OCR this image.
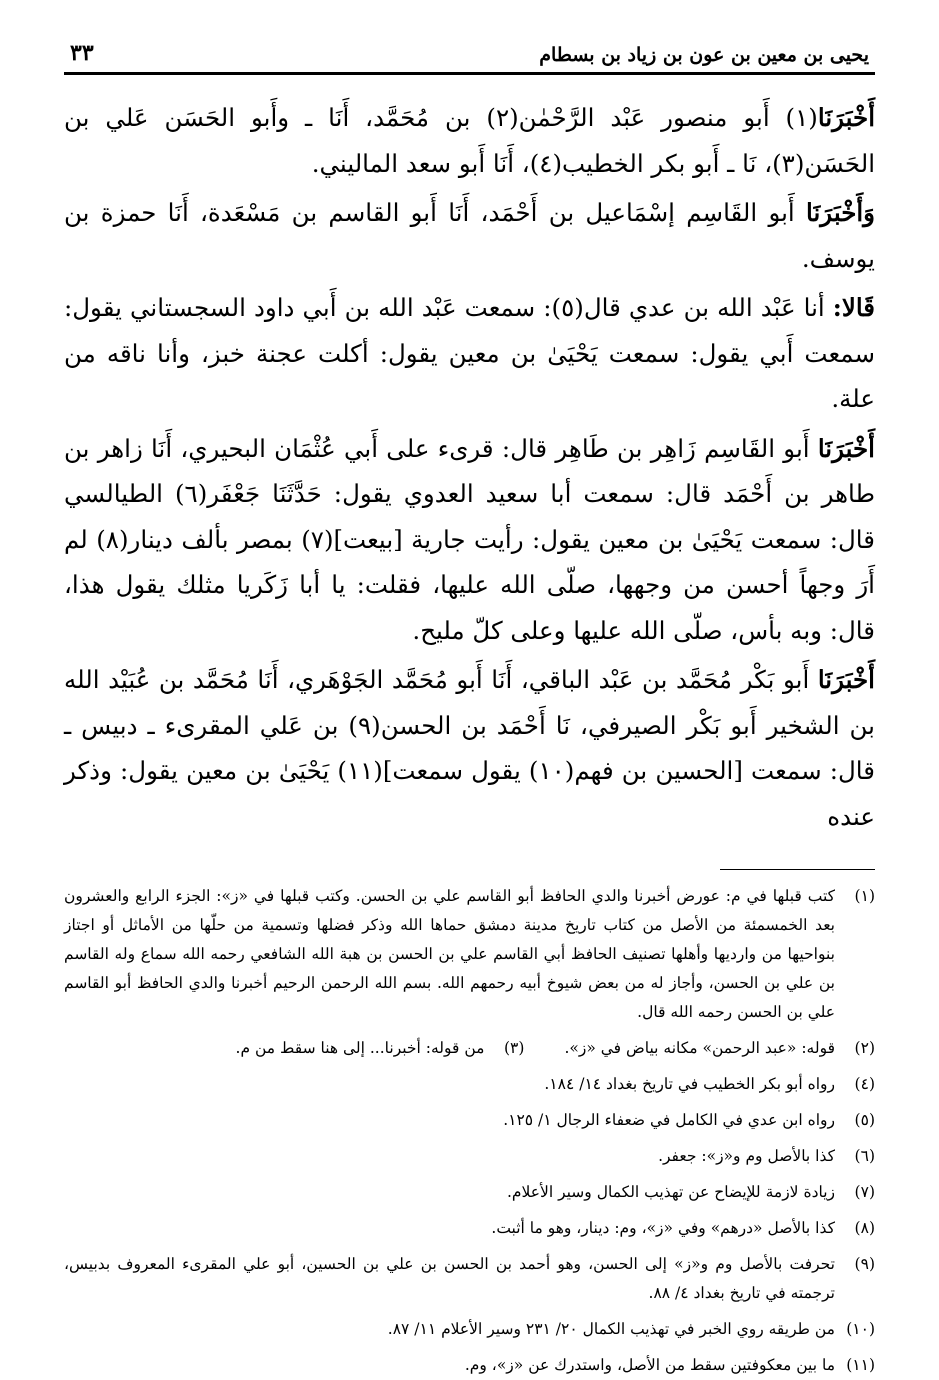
يحيى بن معين بن عون بن زياد بن بسطام
٣٣

أَخْبَرَنَا(١) أَبو منصور عَبْد الرَّحْمٰن(٢) بن مُحَمَّد، أَنَا ـ وأَبو الحَسَن عَلي بن الحَسَن(٣)، نَا ـ أَبو بكر الخطيب(٤)، أَنَا أَبو سعد الماليني.

وَأَخْبَرَنَا أَبو القَاسِم إسْمَاعيل بن أَحْمَد، أَنَا أَبو القاسم بن مَسْعَدة، أَنَا حمزة بن يوسف.

قَالا: أنا عَبْد الله بن عدي قال(٥): سمعت عَبْد الله بن أَبي داود السجستاني يقول: سمعت أَبي يقول: سمعت يَحْيَىٰ بن معين يقول: أكلت عجنة خبز، وأنا ناقه من علة.

أَخْبَرَنَا أَبو القَاسِم زَاهِر بن طَاهِر قال: قرىء على أَبي عُثْمَان البحيري، أَنَا زاهر بن طاهر بن أَحْمَد قال: سمعت أبا سعيد العدوي يقول: حَدَّثَنَا جَعْفَر(٦) الطيالسي قال: سمعت يَحْيَىٰ بن معين يقول: رأيت جارية [بيعت](٧) بمصر بألف دينار(٨) لم أَرَ وجهاً أحسن من وجهها، صلّى الله عليها، فقلت: يا أبا زَكَريا مثلك يقول هذا، قال: وبه بأس، صلّى الله عليها وعلى كلّ مليح.

أَخْبَرَنَا أَبو بَكْر مُحَمَّد بن عَبْد الباقي، أَنَا أَبو مُحَمَّد الجَوْهَري، أَنَا مُحَمَّد بن عُبَيْد الله بن الشخير أَبو بَكْر الصيرفي، نَا أَحْمَد بن الحسن(٩) بن عَلي المقرىء ـ دبيس ـ قال: سمعت [الحسين بن فهم(١٠) يقول سمعت](١١) يَحْيَىٰ بن معين يقول: وذكر عنده

(١)
كتب قبلها في م: عورض أخبرنا والدي الحافظ أبو القاسم علي بن الحسن. وكتب قبلها في «ز»: الجزء الرابع والعشرون بعد الخمسمئة من الأصل من كتاب تاريخ مدينة دمشق حماها الله وذكر فضلها وتسمية من حلّها من الأماثل أو اجتاز بنواحيها من وارديها وأهلها تصنيف الحافظ أبي القاسم علي بن الحسن بن هبة الله الشافعي رحمه الله سماع وله القاسم بن علي بن الحسن، وأجاز له من بعض شيوخ أبيه رحمهم الله. بسم الله الرحمن الرحيم أخبرنا والدي الحافظ أبو القاسم علي بن الحسن رحمه الله قال.
(٢)
قوله: «عبد الرحمن» مكانه بياض في «ز».
(٣)
من قوله: أخبرنا... إلى هنا سقط من م.
(٤)
رواه أبو بكر الخطيب في تاريخ بغداد ١٤/ ١٨٤.
(٥)
رواه ابن عدي في الكامل في ضعفاء الرجال ١/ ١٢٥.
(٦)
كذا بالأصل وم و«ز»: جعفر.
(٧)
زيادة لازمة للإيضاح عن تهذيب الكمال وسير الأعلام.
(٨)
كذا بالأصل «درهم» وفي «ز»، وم: دينار، وهو ما أثبت.
(٩)
تحرفت بالأصل وم و«ز» إلى الحسن، وهو أحمد بن الحسن بن علي بن الحسين، أبو علي المقرىء المعروف بدبيس، ترجمته في تاريخ بغداد ٤/ ٨٨.
(١٠)
من طريقه روي الخبر في تهذيب الكمال ٢٠/ ٢٣١ وسير الأعلام ١١/ ٨٧.
(١١)
ما بين معكوفتين سقط من الأصل، واستدرك عن «ز»، وم.
